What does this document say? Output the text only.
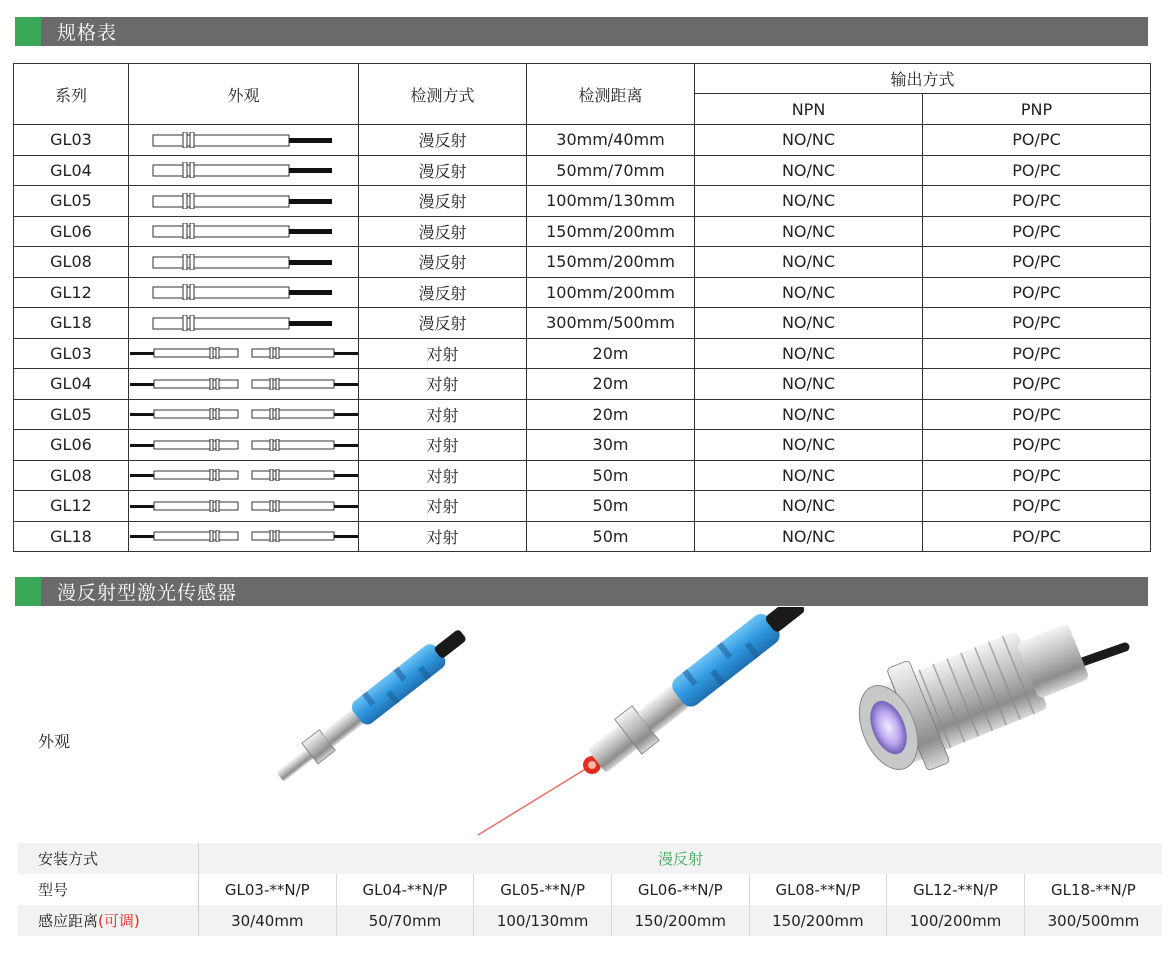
规格表
系列	外观	检测方式	检测距离	输出方式	
				NPN	PNP
GL03		漫反射	30mm/40mm	NO/NC	PO/PC
GL04		漫反射	50mm/70mm	NO/NC	PO/PC
GL05		漫反射	100mm/130mm	NO/NC	PO/PC
GL06		漫反射	150mm/200mm	NO/NC	PO/PC
GL08		漫反射	150mm/200mm	NO/NC	PO/PC
GL12		漫反射	100mm/200mm	NO/NC	PO/PC
GL18		漫反射	300mm/500mm	NO/NC	PO/PC
GL03		对射	20m	NO/NC	PO/PC
GL04		对射	20m	NO/NC	PO/PC
GL05		对射	20m	NO/NC	PO/PC
GL06		对射	30m	NO/NC	PO/PC
GL08		对射	50m	NO/NC	PO/PC
GL12		对射	50m	NO/NC	PO/PC
GL18		对射	50m	NO/NC	PO/PC
漫反射型激光传感器
外观
安装方式	漫反射						
型号	GL03-**N/P	GL04-**N/P	GL05-**N/P	GL06-**N/P	GL08-**N/P	GL12-**N/P	GL18-**N/P
感应距离(可调)	30/40mm	50/70mm	100/130mm	150/200mm	150/200mm	100/200mm	300/500mm
